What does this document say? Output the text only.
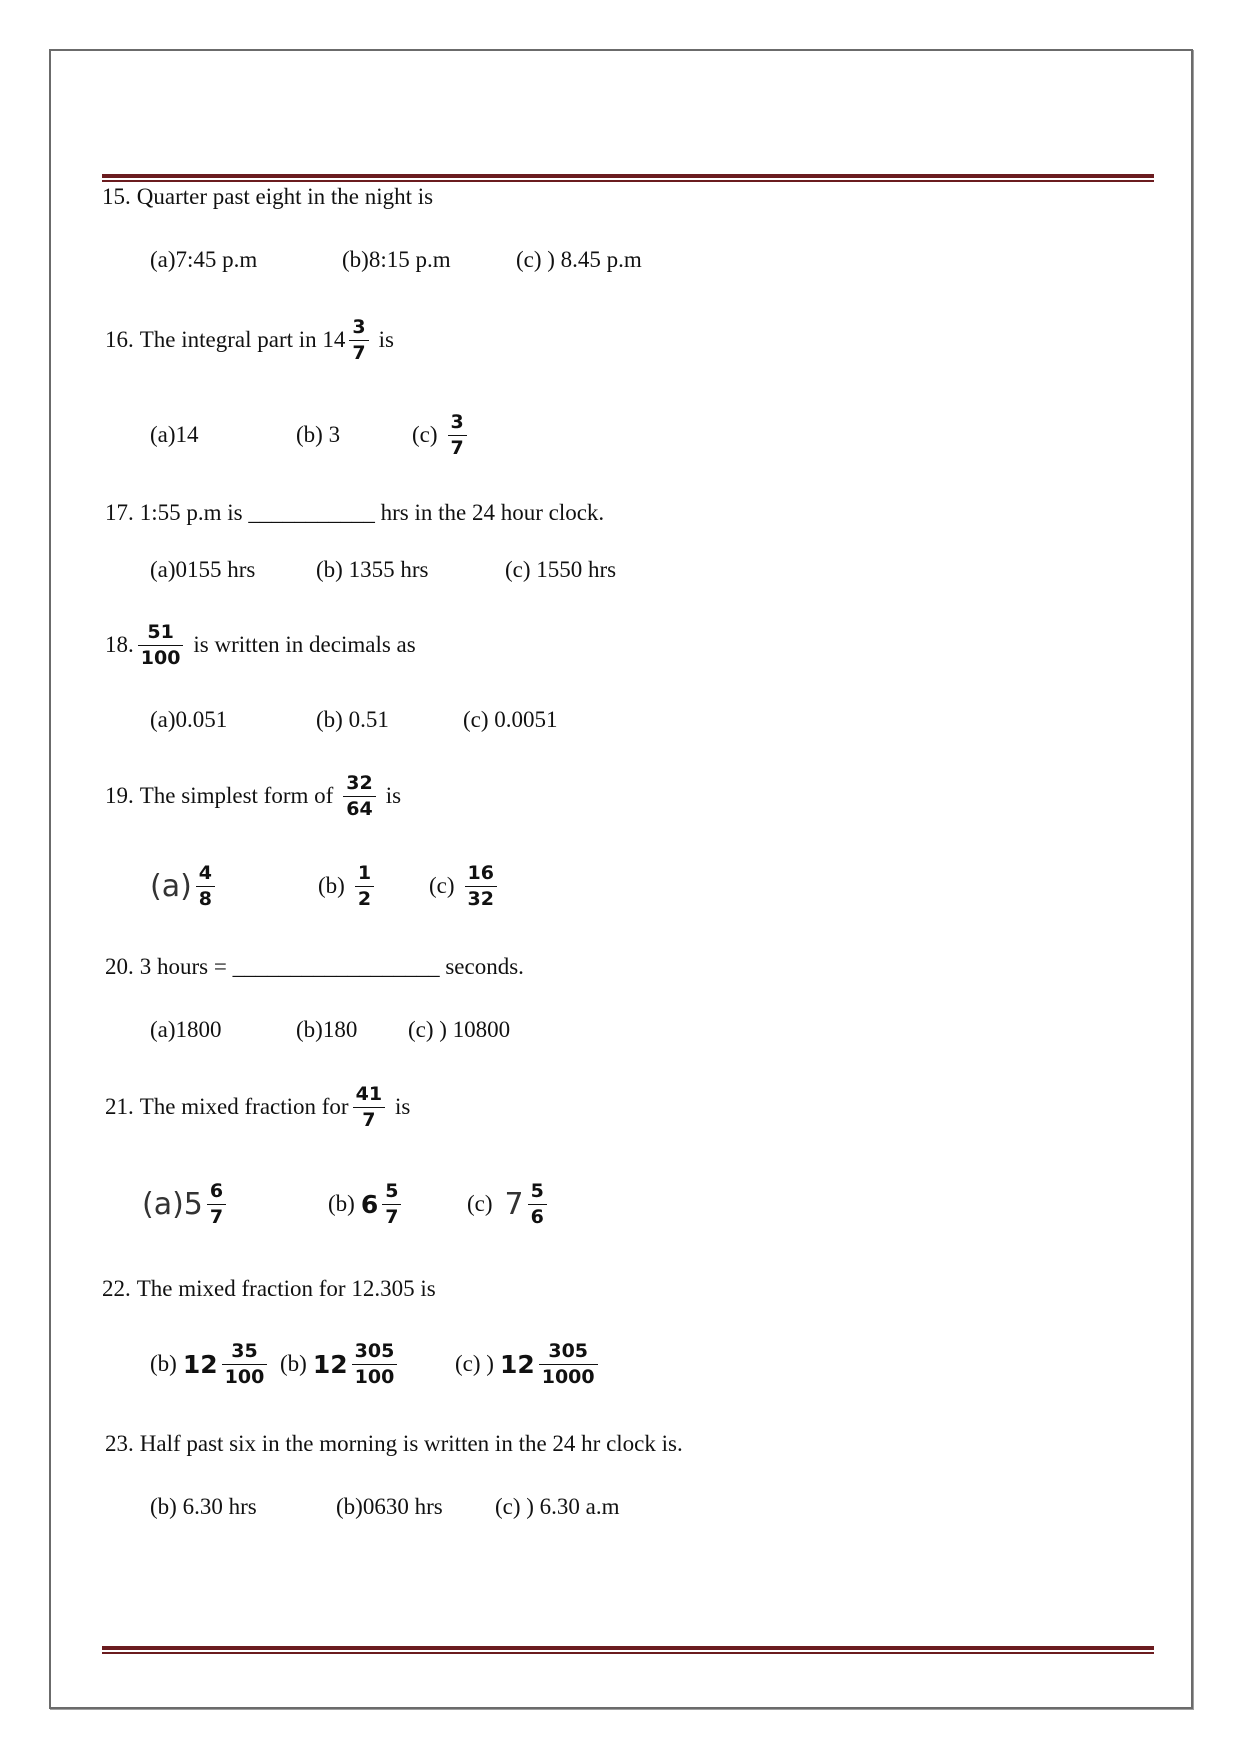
15. Quarter past eight in the night is
(a)7:45 p.m	(b)8:15 p.m	(c) ) 8.45 p.m
16. The integral part in $14 \frac{3}{7}$ is
(a)14	(b) 3	$(c) \frac{3}{7}$
17. 1:55 p.m is ___________ hrs in the 24 hour clock.
(a)0155 hrs	(b) 1355 hrs	(c) 1550 hrs
18. $\frac{51}{100}$ is written in decimals as
(a)0.051	(b) 0.51	(c) 0.0051
19. The simplest form of $\frac{32}{64}$ is
$(a) \frac{4}{8}$	$(b) \frac{1}{2} (c) \frac{16}{32}$
20. 3 hours = __________________ seconds.
(a)1800	(b)180 (c) ) 10800
21. The mixed fraction for $\frac{41}{7}$ is
$(a)5 \frac{6}{7}$	(b) $6 \frac{5}{7}$	(c) $7 \frac{5}{6}$
22. The mixed fraction for 12.305 is
(b) $12 \frac{35}{100} (b)$ $12 \frac{305}{100}$	(c) ) $12 \frac{305}{1000}$
23. Half past six in the morning is written in the 24 hr clock is.
(b) 6.30 hrs	(b)0630 hrs (c) ) 6.30 a.m
